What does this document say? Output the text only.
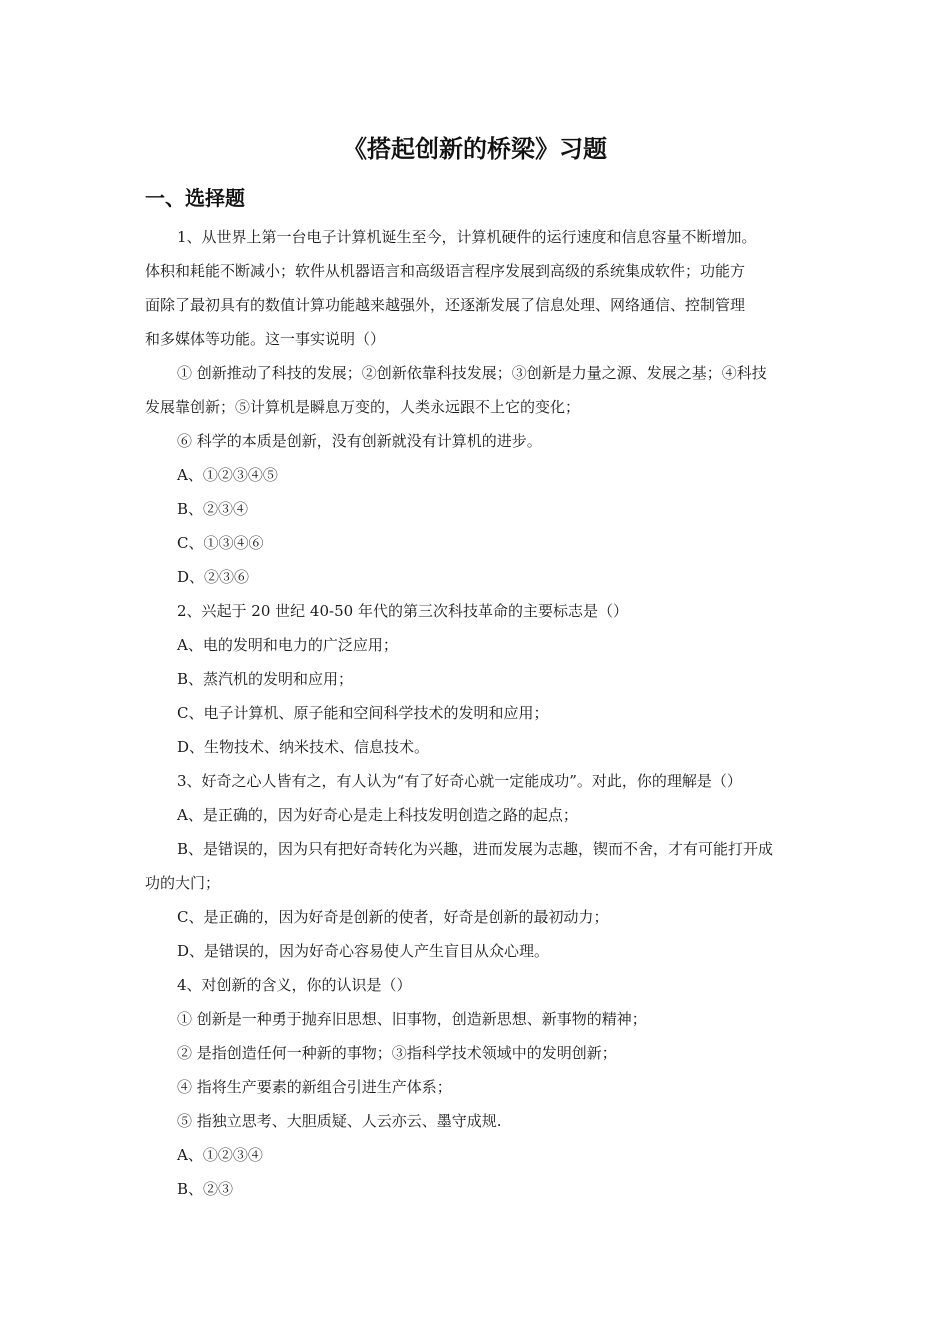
《搭起创新的桥梁》习题
一、选择题
1、从世界上第一台电子计算机诞生至今，计算机硬件的运行速度和信息容量不断增加。
体积和耗能不断减小；软件从机器语言和高级语言程序发展到高级的系统集成软件；功能方
面除了最初具有的数值计算功能越来越强外，还逐渐发展了信息处理、网络通信、控制管理
和多媒体等功能。这一事实说明（）
① 创新推动了科技的发展；②创新依靠科技发展；③创新是力量之源、发展之基；④科技
发展靠创新；⑤计算机是瞬息万变的，人类永远跟不上它的变化；
⑥ 科学的本质是创新，没有创新就没有计算机的进步。
A、①②③④⑤
B、②③④
C、①③④⑥
D、②③⑥
2、兴起于 20 世纪 40-50 年代的第三次科技革命的主要标志是（）
A、电的发明和电力的广泛应用；
B、蒸汽机的发明和应用；
C、电子计算机、原子能和空间科学技术的发明和应用；
D、生物技术、纳米技术、信息技术。
3、好奇之心人皆有之，有人认为“有了好奇心就一定能成功”。对此，你的理解是（）
A、是正确的，因为好奇心是走上科技发明创造之路的起点；
B、是错误的，因为只有把好奇转化为兴趣，进而发展为志趣，锲而不舍，才有可能打开成
功的大门；
C、是正确的，因为好奇是创新的使者，好奇是创新的最初动力；
D、是错误的，因为好奇心容易使人产生盲目从众心理。
4、对创新的含义，你的认识是（）
① 创新是一种勇于抛弃旧思想、旧事物，创造新思想、新事物的精神；
② 是指创造任何一种新的事物；③指科学技术领域中的发明创新；
④ 指将生产要素的新组合引进生产体系；
⑤ 指独立思考、大胆质疑、人云亦云、墨守成规.
A、①②③④
B、②③
